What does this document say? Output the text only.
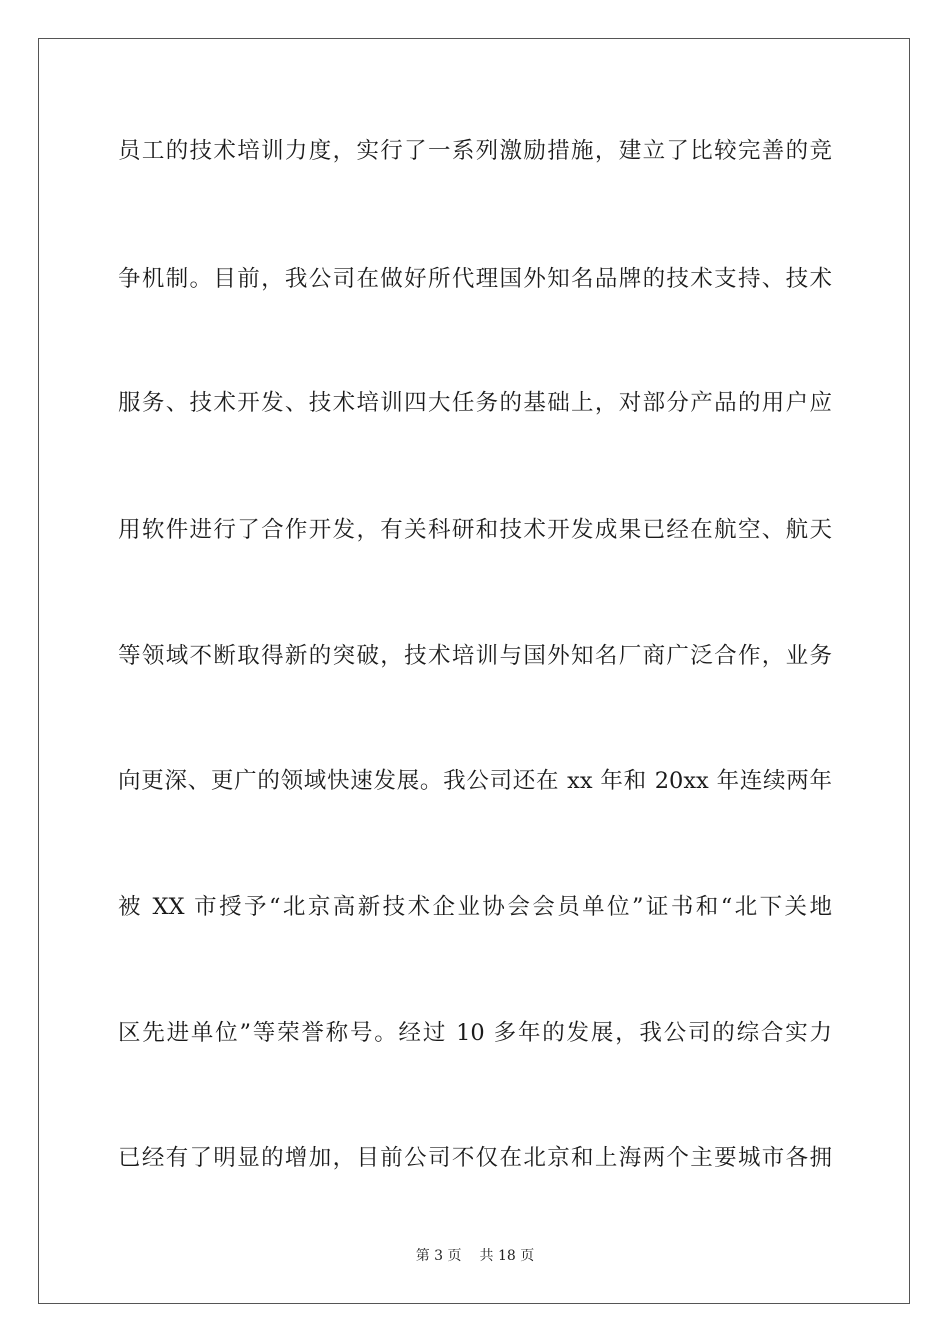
员工的技术培训力度，实行了一系列激励措施，建立了比较完善的竞
争机制。目前，我公司在做好所代理国外知名品牌的技术支持、技术
服务、技术开发、技术培训四大任务的基础上，对部分产品的用户应
用软件进行了合作开发，有关科研和技术开发成果已经在航空、航天
等领域不断取得新的突破，技术培训与国外知名厂商广泛合作，业务
向更深、更广的领域快速发展。我公司还在 xx 年和 20xx 年连续两年
被 XX 市授予“北京高新技术企业协会会员单位”证书和“北下关地
区先进单位”等荣誉称号。经过 10 多年的发展，我公司的综合实力
已经有了明显的增加，目前公司不仅在北京和上海两个主要城市各拥
第 3 页 共 18 页
